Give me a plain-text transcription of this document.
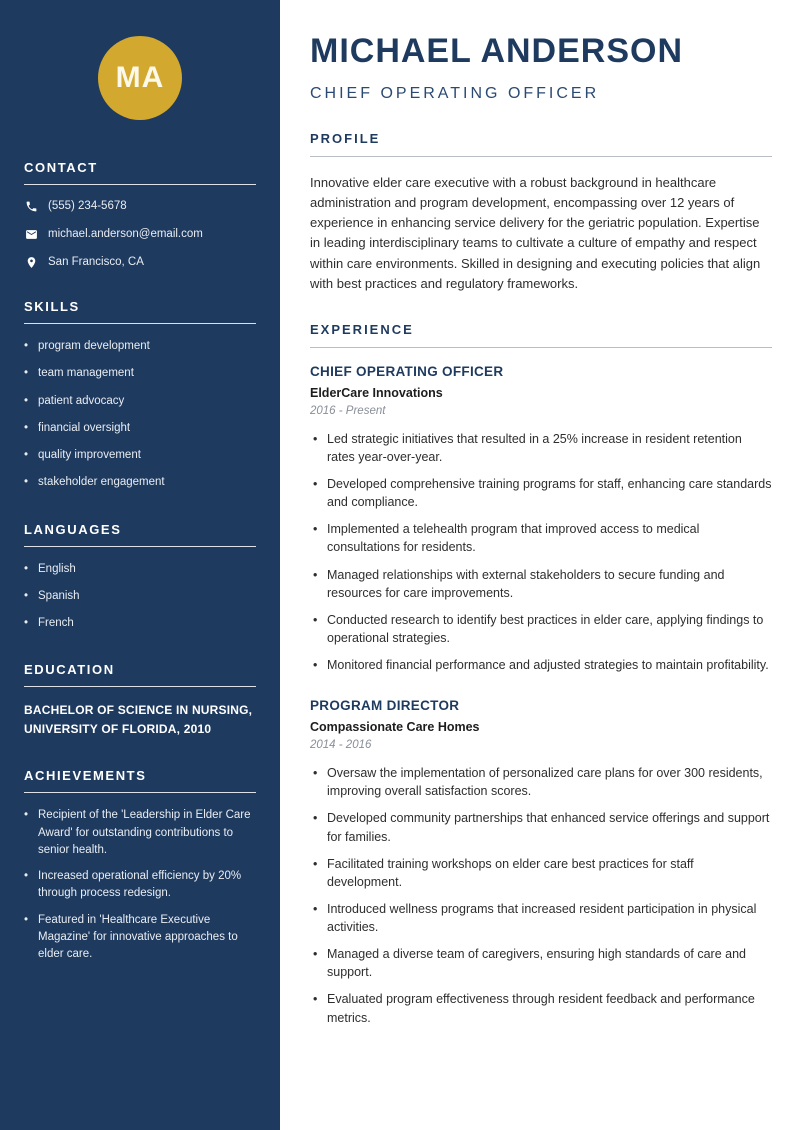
MA
CONTACT
(555) 234-5678
michael.anderson@email.com
San Francisco, CA
SKILLS
• program development
• team management
• patient advocacy
• financial oversight
• quality improvement
• stakeholder engagement
LANGUAGES
• English
• Spanish
• French
EDUCATION
BACHELOR OF SCIENCE IN NURSING, UNIVERSITY OF FLORIDA, 2010
ACHIEVEMENTS
• Recipient of the 'Leadership in Elder Care Award' for outstanding contributions to senior health.
• Increased operational efficiency by 20% through process redesign.
• Featured in 'Healthcare Executive Magazine' for innovative approaches to elder care.
MICHAEL ANDERSON
CHIEF OPERATING OFFICER
PROFILE

Innovative elder care executive with a robust background in healthcare administration and program development, encompassing over 12 years of experience in enhancing service delivery for the geriatric population. Expertise in leading interdisciplinary teams to cultivate a culture of empathy and respect within care environments. Skilled in designing and executing policies that align with best practices and regulatory frameworks.

EXPERIENCE
CHIEF OPERATING OFFICER
ElderCare Innovations
2016 - Present
• Led strategic initiatives that resulted in a 25% increase in resident retention rates year-over-year.
• Developed comprehensive training programs for staff, enhancing care standards and compliance.
• Implemented a telehealth program that improved access to medical consultations for residents.
• Managed relationships with external stakeholders to secure funding and resources for care improvements.
• Conducted research to identify best practices in elder care, applying findings to operational strategies.
• Monitored financial performance and adjusted strategies to maintain profitability.
PROGRAM DIRECTOR
Compassionate Care Homes
2014 - 2016
• Oversaw the implementation of personalized care plans for over 300 residents, improving overall satisfaction scores.
• Developed community partnerships that enhanced service offerings and support for families.
• Facilitated training workshops on elder care best practices for staff development.
• Introduced wellness programs that increased resident participation in physical activities.
• Managed a diverse team of caregivers, ensuring high standards of care and support.
• Evaluated program effectiveness through resident feedback and performance metrics.
